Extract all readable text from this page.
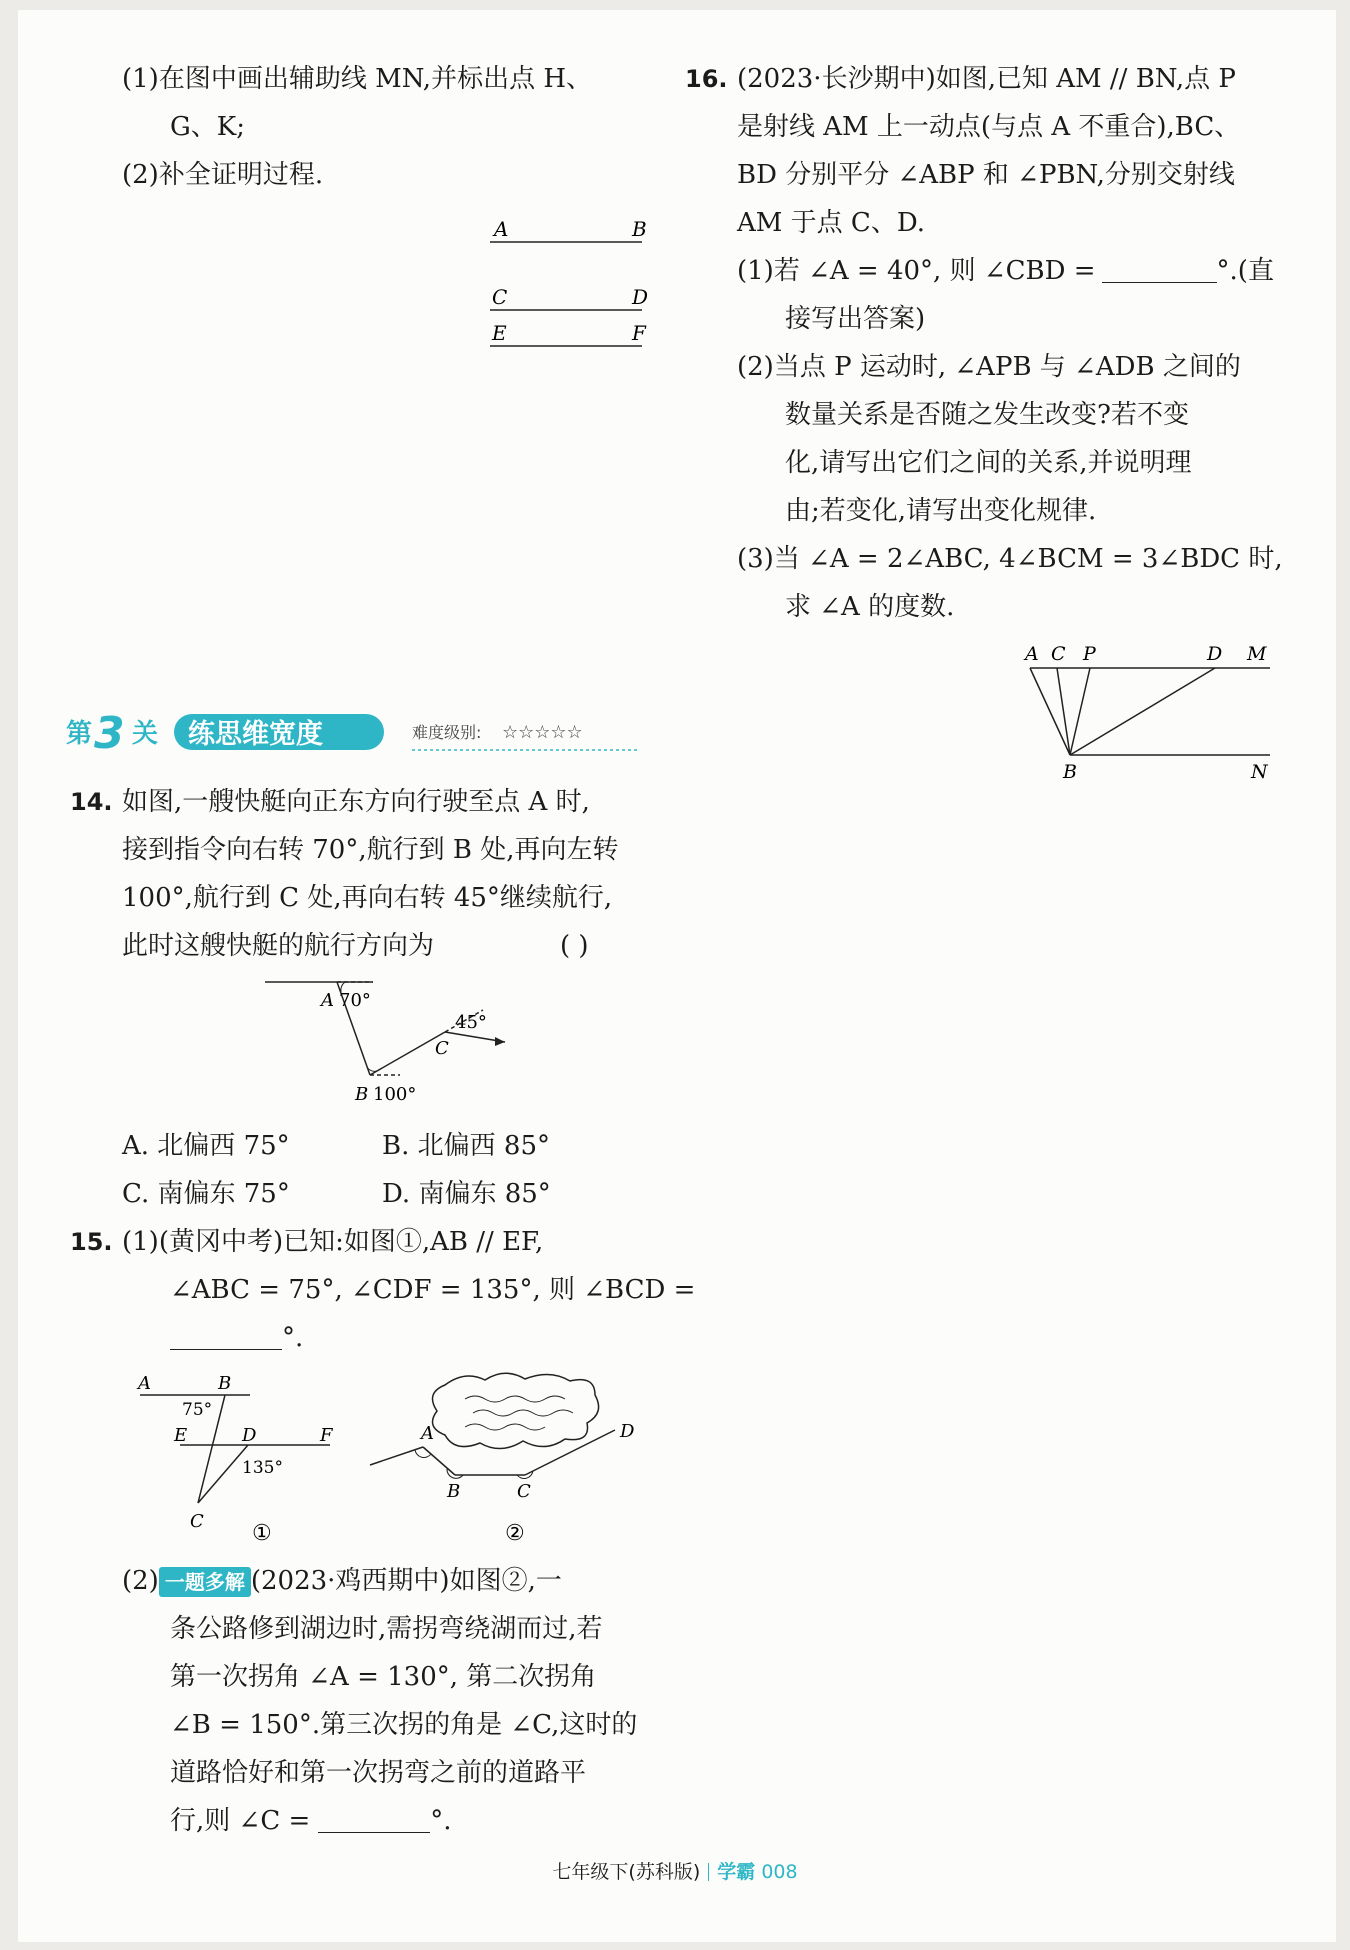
(1)在图中画出辅助线 MN,并标出点 H、
G、K;
(2)补全证明过程.
A	B
C	D
E	F
第 3 关 练思维宽度	难度级别: ☆☆☆☆☆
14. 如图,一艘快艇向正东方向行驶至点 A 时,
接到指令向右转 70°,航行到 B 处,再向左转
100°,航行到 C 处,再向右转 45°继续航行,
此时这艘快艇的航行方向为	( )
A 70°
C
45°
B 100°
A. 北偏西 75°	B. 北偏西 85°
C. 南偏东 75°	D. 南偏东 85°
15. (1)(黄冈中考)已知:如图①,AB // EF,
∠ABC = 75°, ∠CDF = 135°, 则 ∠BCD =
°.
A	B
75°
E	D	F
135°
C ①
A
B	C
D
②
(2) 一题多解 (2023·鸡西期中)如图②,一
条公路修到湖边时,需拐弯绕湖而过,若
第一次拐角 ∠A = 130°, 第二次拐角
∠B = 150°.第三次拐的角是 ∠C,这时的
道路恰好和第一次拐弯之前的道路平
行,则 ∠C =	°.
16. (2023·长沙期中)如图,已知 AM // BN,点 P
是射线 AM 上一动点(与点 A 不重合),BC、
BD 分别平分 ∠ABP 和 ∠PBN,分别交射线
AM 于点 C、D.
(1)若 ∠A = 40°, 则 ∠CBD =	°.(直
接写出答案)
(2)当点 P 运动时, ∠APB 与 ∠ADB 之间的
数量关系是否随之发生改变?若不变
化,请写出它们之间的关系,并说明理
由;若变化,请写出变化规律.
(3)当 ∠A = 2∠ABC, 4∠BCM = 3∠BDC 时,
求 ∠A 的度数.
A C P	D M
B	N
七年级下(苏科版) 学霸 008
